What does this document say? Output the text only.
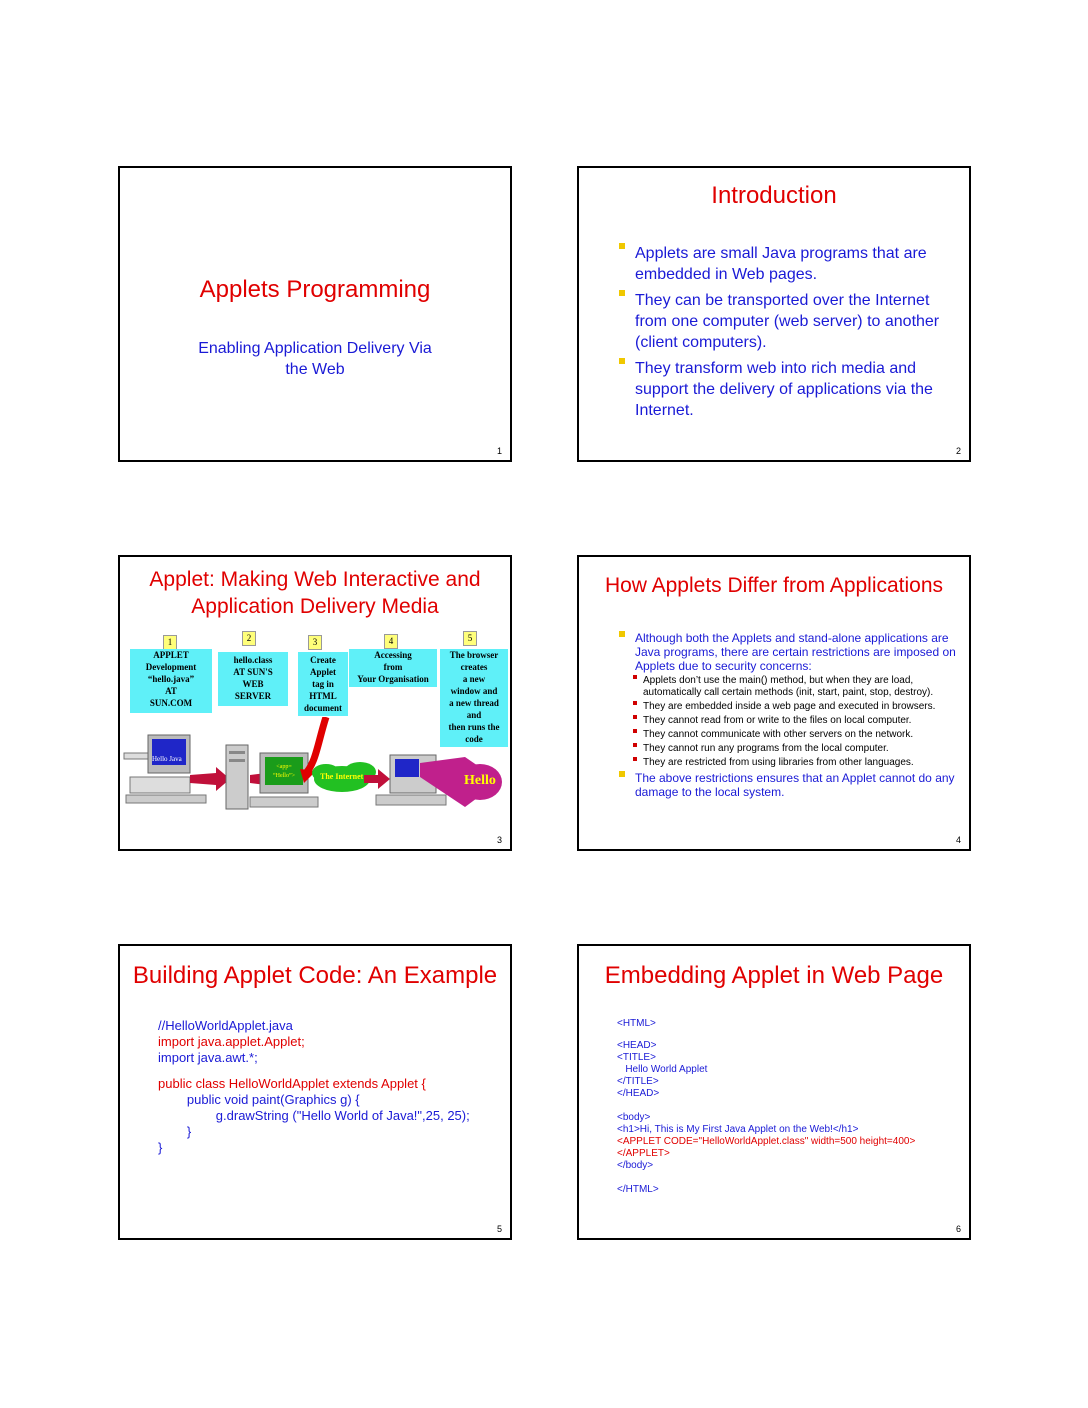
Applets Programming
Enabling Application Delivery Via
the Web
1
Introduction
Applets are small Java programs that are embedded in Web pages.
They can be transported over the Internet from one computer (web server) to another (client computers).
They transform web into rich media and support the delivery of applications via the Internet.
2
Applet: Making Web Interactive and
Application Delivery Media
1	2	3	4	5
APPLET
Development
“hello.java”
AT
SUN.COM
hello.class
AT SUN'S
WEB
SERVER
Create
Applet
tag in
HTML
document
Accessing
from
Your Organisation
The browser
creates
a new
window and
a new thread
and
then runs the
code
Hello Java
<app=
“Hello”>	The Internet	Hello
3
How Applets Differ from Applications
Although both the Applets and stand-alone applications are Java programs, there are certain restrictions are imposed on Applets due to security concerns:
Applets don’t use the main() method, but when they are load, automatically call certain methods (init, start, paint, stop, destroy).
They are embedded inside a web page and executed in browsers.
They cannot read from or write to the files on local computer.
They cannot communicate with other servers on the network.
They cannot run any programs from the local computer.
They are restricted from using libraries from other languages.
The above restrictions ensures that an Applet cannot do any damage to the local system.
4
Building Applet Code: An Example
//HelloWorldApplet.java
import java.applet.Applet;
import java.awt.*;
public class HelloWorldApplet extends Applet {
public void paint(Graphics g) {
g.drawString ("Hello World of Java!",25, 25);
}
}
5
Embedding Applet in Web Page
<HTML>
<HEAD>
<TITLE>
Hello World Applet
</TITLE>
</HEAD>
<body>
<h1>Hi, This is My First Java Applet on the Web!</h1>
<APPLET CODE="HelloWorldApplet.class" width=500 height=400>
</APPLET>
</body>
</HTML>
6
